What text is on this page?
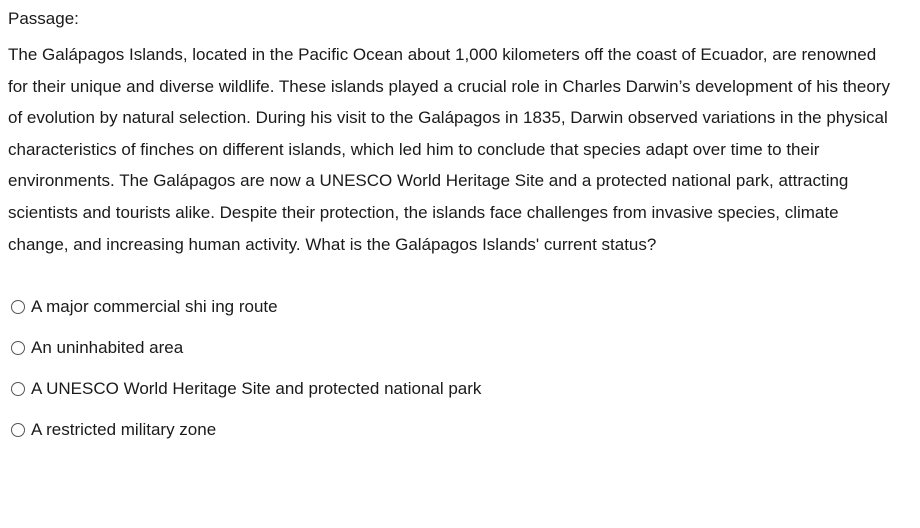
Passage:

The Galápagos Islands, located in the Pacific Ocean about 1,000 kilometers off the coast of Ecuador, are renowned for their unique and diverse wildlife. These islands played a crucial role in Charles Darwin’s development of his theory of evolution by natural selection. During his visit to the Galápagos in 1835, Darwin observed variations in the physical characteristics of finches on different islands, which led him to conclude that species adapt over time to their environments. The Galápagos are now a UNESCO World Heritage Site and a protected national park, attracting scientists and tourists alike. Despite their protection, the islands face challenges from invasive species, climate change, and increasing human activity. What is the Galápagos Islands' current status?

A major commercial shi ing route
An uninhabited area
A UNESCO World Heritage Site and protected national park
A restricted military zone
